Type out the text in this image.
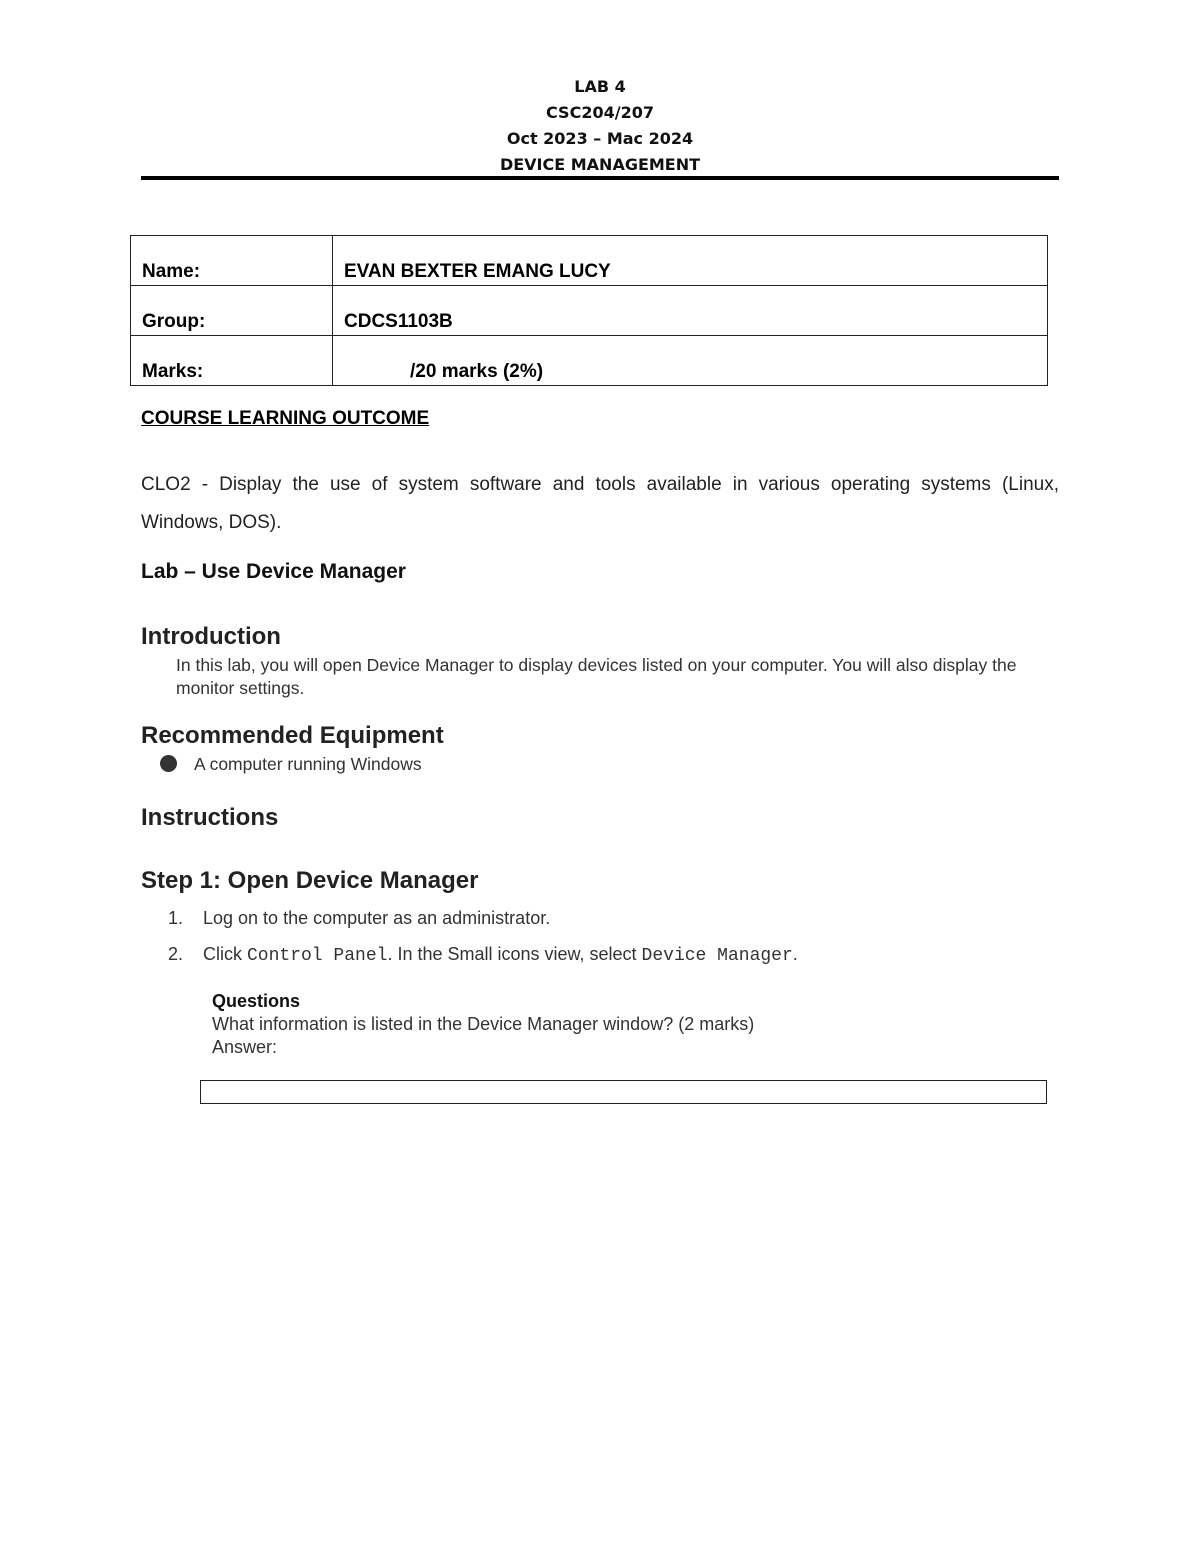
LAB 4
CSC204/207
Oct 2023 – Mac 2024
DEVICE MANAGEMENT
Name:	EVAN BEXTER EMANG LUCY
Group:	CDCS1103B
Marks:	/20 marks (2%)
COURSE LEARNING OUTCOME
CLO2 - Display the use of system software and tools available in various operating systems (Linux, Windows, DOS).
Lab – Use Device Manager
Introduction
In this lab, you will open Device Manager to display devices listed on your computer. You will also display the monitor settings.
Recommended Equipment
A computer running Windows
Instructions
Step 1: Open Device Manager
1. Log on to the computer as an administrator.
2. Click Control Panel. In the Small icons view, select Device Manager.
Questions
What information is listed in the Device Manager window? (2 marks)
Answer:
